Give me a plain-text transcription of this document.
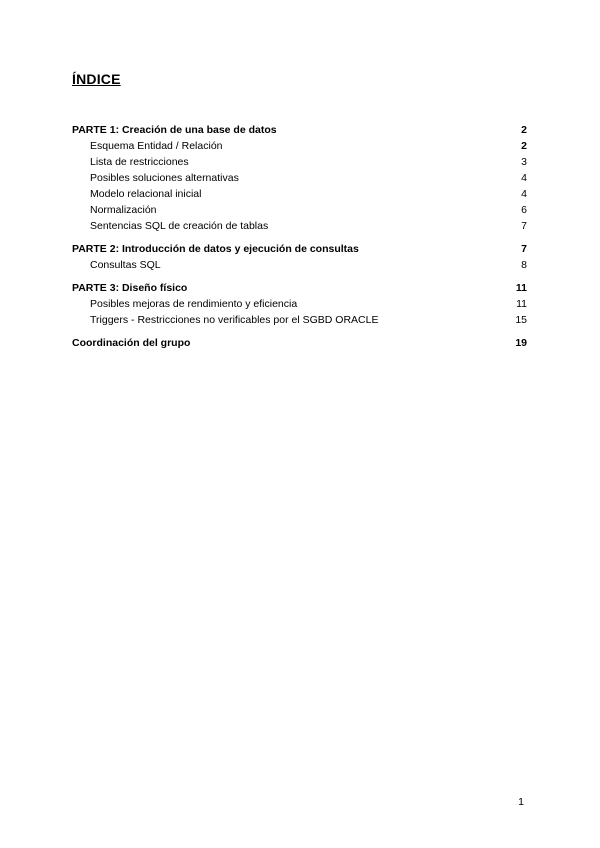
ÍNDICE
PARTE 1: Creación de una base de datos	2
Esquema Entidad / Relación	2
Lista de restricciones	3
Posibles soluciones alternativas	4
Modelo relacional inicial	4
Normalización	6
Sentencias SQL de creación de tablas	7
PARTE 2: Introducción de datos y ejecución de consultas	7
Consultas SQL	8
PARTE 3: Diseño físico	11
Posibles mejoras de rendimiento y eficiencia	11
Triggers - Restricciones no verificables por el SGBD ORACLE	15
Coordinación del grupo	19
1
